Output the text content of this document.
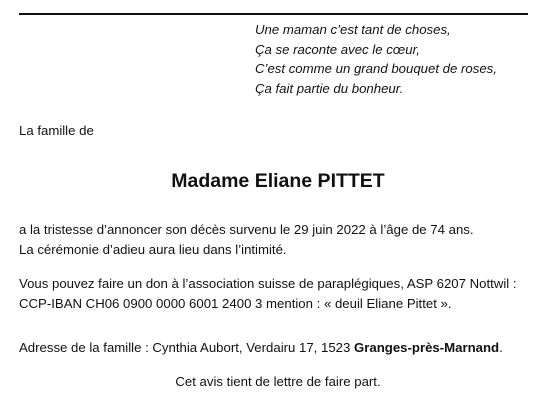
Une maman c’est tant de choses,
Ça se raconte avec le cœur,
C’est comme un grand bouquet de roses,
Ça fait partie du bonheur.
La famille de
Madame Eliane PITTET
a la tristesse d’annoncer son décès survenu le 29 juin 2022 à l’âge de 74 ans.
La cérémonie d’adieu aura lieu dans l’intimité.
Vous pouvez faire un don à l’association suisse de paraplégiques, ASP 6207 Nottwil :
CCP-IBAN CH06 0900 0000 6001 2400 3 mention : « deuil Eliane Pittet ».
Adresse de la famille : Cynthia Aubort, Verdairu 17, 1523 Granges-près-Marnand.
Cet avis tient de lettre de faire part.
